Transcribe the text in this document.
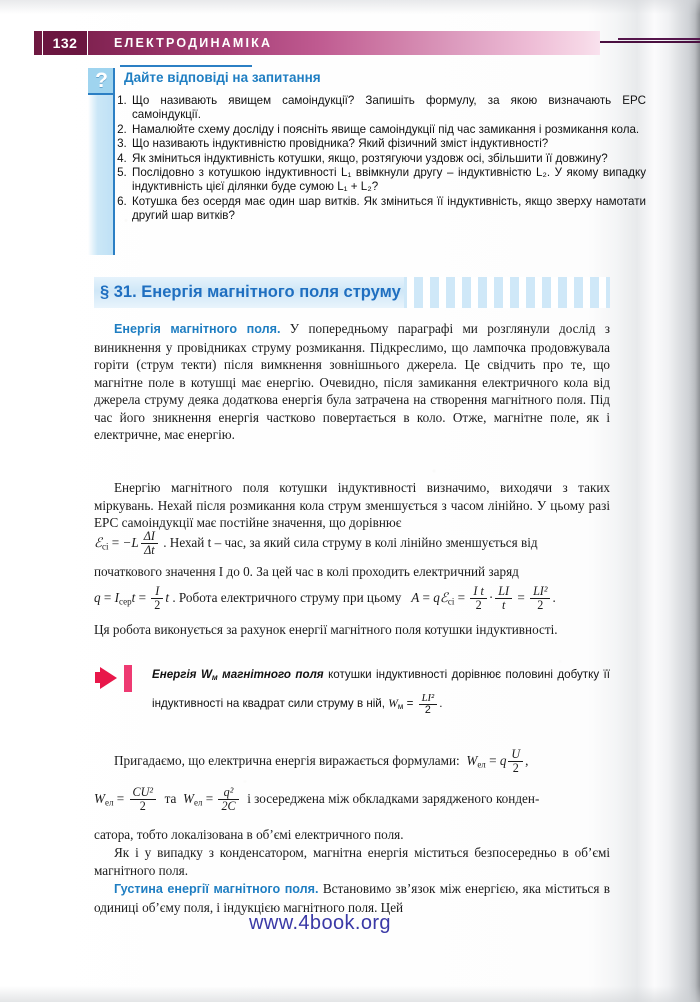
132	ЕЛЕКТРОДИНАМІКА
?	Дайте відповіді на запитання
1. Що називають явищем самоіндукції? Запишіть формулу, за якою визначають ЕРС самоіндукції.
2. Намалюйте схему досліду і поясніть явище самоіндукції під час замикання і розмикання кола.
3. Що називають індуктивністю провідника? Який фізичний зміст індуктивності?
4. Як зміниться індуктивність котушки, якщо, розтягуючи уздовж осі, збільшити її довжину?
5. Послідовно з котушкою індуктивності L₁ ввімкнули другу – індуктивністю L₂. У якому випадку індуктивність цієї ділянки буде сумою L₁ + L₂?
6. Котушка без осердя має один шар витків. Як зміниться її індуктивність, якщо зверху намотати другий шар витків?
§ 31. Енергія магнітного поля струму

Енергія магнітного поля. У попередньому параграфі ми розглянули дослід з виникнення у провідниках струму розмикання. Підкреслимо, що лампочка продовжувала горіти (струм текти) після вимкнення зовнішнього джерела. Це свідчить про те, що магнітне поле в котушці має енергію. Очевидно, після замикання електричного кола від джерела струму деяка додаткова енергія була затрачена на створення магнітного поля. Під час його зникнення енергія частково повертається в коло. Отже, магнітне поле, як і електричне, має енергію.

Енергію магнітного поля котушки індуктивності визначимо, виходячи з таких міркувань. Нехай після розмикання кола струм зменшується з часом лінійно. У цьому разі ЕРС самоіндукції має постійне значення, що дорівнює

ℰ$_{сі}$ = $-L \frac{\Delta I}{\Delta t}$ . Нехай t – час, за який сила струму в колі лінійно зменшується від

початкового значення I до 0. За цей час в колі проходить електричний заряд

$q = I_{сер}t = \frac{I}{2}$ t . Робота електричного струму при цьому A = qℰ$_{сі}$ = $\frac{\text{I t}}{2} \cdot \frac{LI}{t} = \frac{\text{LI²}}{2}$ .

Ця робота виконується за рахунок енергії магнітного поля котушки індуктивності.

Енергія $W_м$ магнітного поля котушки індуктивності дорівнює половині добутку її індуктивності на квадрат сили струму в ній, $W_м = \frac{\text{LI²}}{2}$ .
Пригадаємо, що електрична енергія виражається формулами: $W_{ел} = q \frac{U}{2}$ ,
$W_{ел} = \frac{\text{CU²}}{2}$ та $W_{ел} = \frac{\text{q²}}{2C}$ і зосереджена між обкладками зарядженого конден-

сатора, тобто локалізована в об’ємі електричного поля.

Як і у випадку з конденсатором, магнітна енергія міститься безпосередньо в об’ємі магнітного поля.

Густина енергії магнітного поля. Встановимо зв’язок між енергією, яка міститься в одиниці об’єму поля, і індукцією магнітного поля. Цей

www.4book.org
